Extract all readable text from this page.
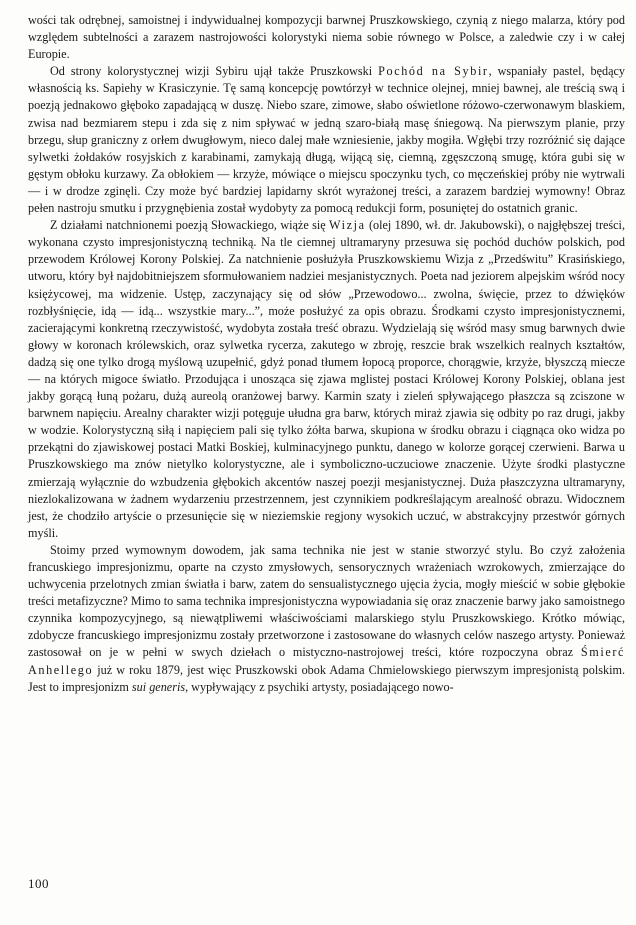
wości tak odrębnej, samoistnej i indywidualnej kompozycji barwnej Pruszkowskiego, czynią z niego malarza, który pod względem subtelności a zarazem nastrojowości kolorystyki niema sobie równego w Polsce, a zaledwie czy i w całej Europie.

Od strony kolorystycznej wizji Sybiru ujął także Pruszkowski Pochód na Sybir, wspaniały pastel, będący własnością ks. Sapiehy w Krasiczynie. Tę samą koncepcję powtórzył w technice olejnej, mniej bawnej, ale treścią swą i poezją jednakowo głęboko zapadającą w duszę. Niebo szare, zimowe, słabo oświetlone różowo-czerwonawym blaskiem, zwisa nad bezmiarem stepu i zda się z nim spływać w jedną szaro-białą masę śniegową. Na pierwszym planie, przy brzegu, słup graniczny z orłem dwugłowym, nieco dalej małe wzniesienie, jakby mogiła. Wgłębi trzy rozróżnić się dające sylwetki żołdaków rosyjskich z karabinami, zamykają długą, wijącą się, ciemną, zgęszczoną smugę, która gubi się w gęstym obłoku kurzawy. Za obłokiem — krzyże, mówiące o miejscu spoczynku tych, co męczeńskiej próby nie wytrwali — i w drodze zginęli. Czy może być bardziej lapidarny skrót wyrażonej treści, a zarazem bardziej wymowny! Obraz pełen nastroju smutku i przygnębienia został wydobyty za pomocą redukcji form, posuniętej do ostatnich granic.

Z działami natchnionemi poezją Słowackiego, wiąże się Wizja (olej 1890, wł. dr. Jakubowski), o najgłębszej treści, wykonana czysto impresjonistyczną techniką. Na tle ciemnej ultramaryny przesuwa się pochód duchów polskich, pod przewodem Królowej Korony Polskiej. Za natchnienie posłużyła Pruszkowskiemu Wizja z „Przedświtu” Krasińskiego, utworu, który był najdobitniejszem sformułowaniem nadziei mesjanistycznych. Poeta nad jeziorem alpejskim wśród nocy księżycowej, ma widzenie. Ustęp, zaczynający się od słów „Przewodowo... zwolna, święcie, przez to dźwięków rozbłyśnięcie, idą — idą... wszystkie mary...”, może posłużyć za opis obrazu. Środkami czysto impresjonistycznemi, zacierającymi konkretną rzeczywistość, wydobyta została treść obrazu. Wydzielają się wśród masy smug barwnych dwie głowy w koronach królewskich, oraz sylwetka rycerza, zakutego w zbroję, reszcie brak wszelkich realnych kształtów, dadzą się one tylko drogą myślową uzupełnić, gdyż ponad tłumem łopocą proporce, chorągwie, krzyże, błyszczą miecze — na których migoce światło. Przodująca i unosząca się zjawa mglistej postaci Królowej Korony Polskiej, oblana jest jakby gorącą łuną pożaru, dużą aureolą oranżowej barwy. Karmin szaty i zieleń spływającego płaszcza są zciszone w barwnem napięciu. Arealny charakter wizji potęguje ułudna gra barw, których miraż zjawia się odbity po raz drugi, jakby w wodzie. Kolorystyczną siłą i napięciem pali się tylko żółta barwa, skupiona w środku obrazu i ciągnąca oko widza po przekątni do zjawiskowej postaci Matki Boskiej, kulminacyjnego punktu, danego w kolorze gorącej czerwieni. Barwa u Pruszkowskiego ma znów nietylko kolorystyczne, ale i symboliczno-uczuciowe znaczenie. Użyte środki plastyczne zmierzają wyłącznie do wzbudzenia głębokich akcentów naszej poezji mesjanistycznej. Duża płaszczyzna ultramaryny, niezlokalizowana w żadnem wydarzeniu przestrzennem, jest czynnikiem podkreślającym arealność obrazu. Widocznem jest, że chodziło artyście o przesunięcie się w nieziemskie regjony wysokich uczuć, w abstrakcyjny przestwór górnych myśli.

Stoimy przed wymownym dowodem, jak sama technika nie jest w stanie stworzyć stylu. Bo czyż założenia francuskiego impresjonizmu, oparte na czysto zmysłowych, sensorycznych wrażeniach wzrokowych, zmierzające do uchwycenia przelotnych zmian światła i barw, zatem do sensualistycznego ujęcia życia, mogły mieścić w sobie głębokie treści metafizyczne? Mimo to sama technika impresjonistyczna wypowiadania się oraz znaczenie barwy jako samoistnego czynnika kompozycyjnego, są niewątpliwemi właściwościami malarskiego stylu Pruszkowskiego. Krótko mówiąc, zdobycze francuskiego impresjonizmu zostały przetworzone i zastosowane do własnych celów naszego artysty. Ponieważ zastosował on je w pełni w swych dziełach o mistyczno-nastrojowej treści, które rozpoczyna obraz Śmierć Anhellego już w roku 1879, jest więc Pruszkowski obok Adama Chmielowskiego pierwszym impresjonistą polskim. Jest to impresjonizm sui generis, wypływający z psychiki artysty, posiadającego nowo-

100
